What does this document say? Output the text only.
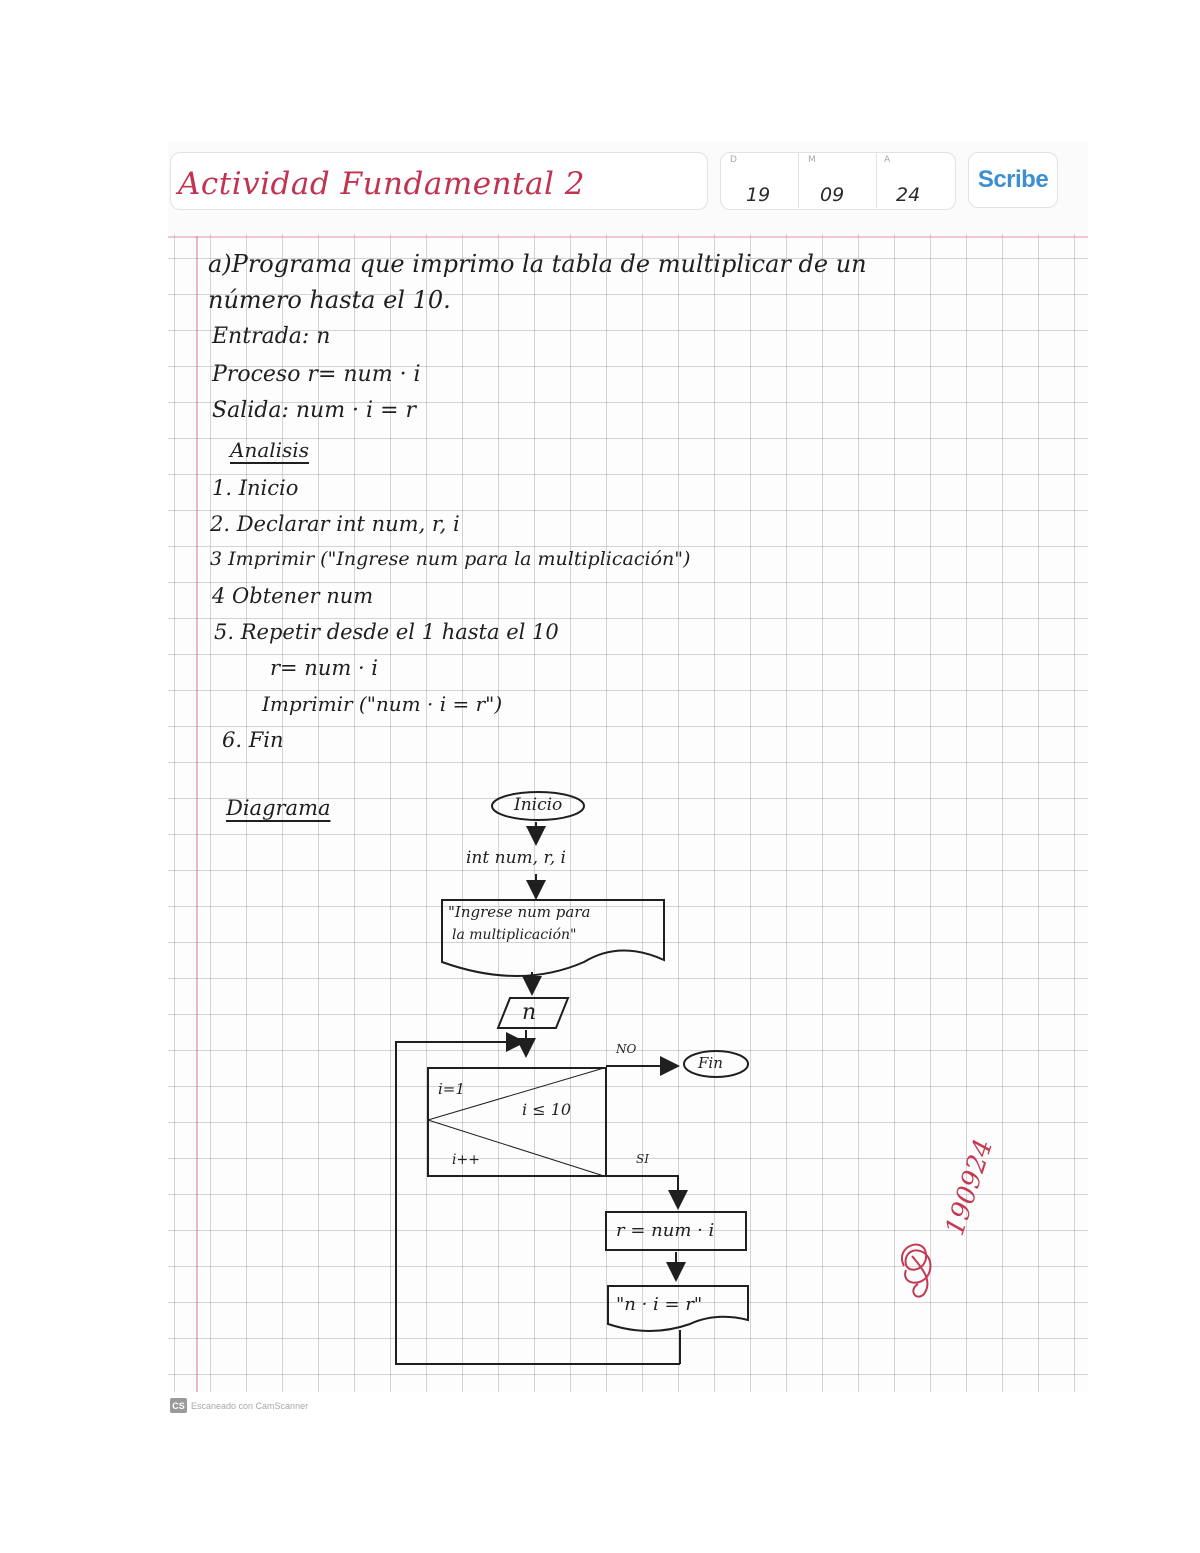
Actividad Fundamental 2
D	M	A
19	09	24
Scribe
a)Programa que imprimo la tabla de multiplicar de un
número hasta el 10.
Entrada: n
Proceso r= num · i
Salida: num · i = r
Analisis
1. Inicio
2. Declarar int num, r, i
3 Imprimir ("Ingrese num para la multiplicación")
4 Obtener num
5. Repetir desde el 1 hasta el 10
r= num · i
Imprimir ("num · i = r")
6. Fin
Diagrama	Inicio
int num, r, i
"Ingrese num para
la multiplicación"
n
i=1
i ≤ 10
i++
NO
SI
Fin
r = num · i
"n · i = r"
190924
CS Escaneado con CamScanner
